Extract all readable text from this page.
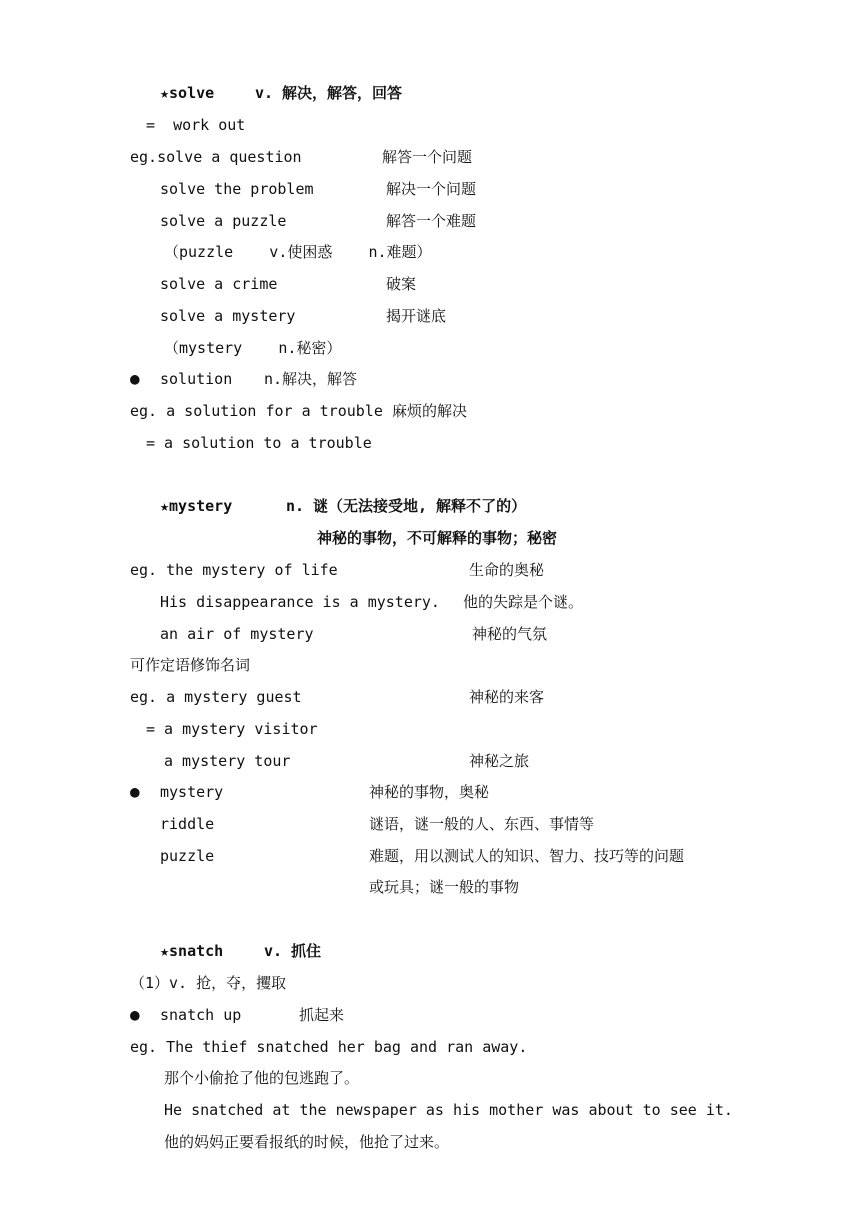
★solve	v. 解决，解答，回答
=  work out
eg.solve a question	解答一个问题
solve the problem	解决一个问题
solve a puzzle	解答一个难题
（puzzle    v.使困惑    n.难题）
solve a crime	破案
solve a mystery	揭开谜底
（mystery    n.秘密）
● solution n.解决，解答
eg. a solution for a trouble 麻烦的解决
= a solution to a trouble
★mystery	n. 谜（无法接受地, 解释不了的）
神秘的事物，不可解释的事物；秘密
eg. the mystery of life	生命的奥秘
His disappearance is a mystery. 他的失踪是个谜。
an air of mystery	神秘的气氛
可作定语修饰名词
eg. a mystery guest	神秘的来客
= a mystery visitor
a mystery tour	神秘之旅
● mystery	神秘的事物，奥秘
riddle	谜语，谜一般的人、东西、事情等
puzzle	难题，用以测试人的知识、智力、技巧等的问题
或玩具；谜一般的事物
★snatch	v. 抓住
（1）v. 抢，夺，攫取
● snatch up	抓起来
eg. The thief snatched her bag and ran away.
那个小偷抢了他的包逃跑了。
He snatched at the newspaper as his mother was about to see it.
他的妈妈正要看报纸的时候，他抢了过来。
